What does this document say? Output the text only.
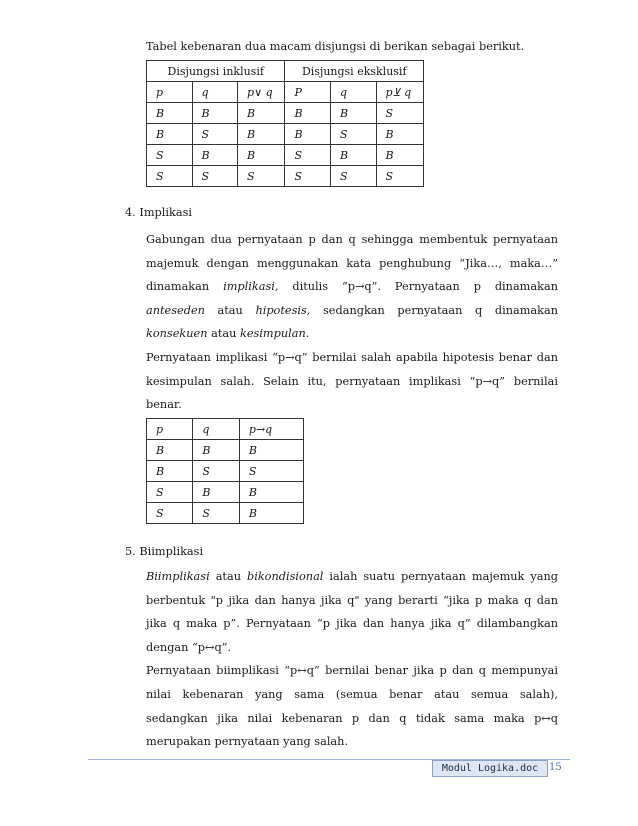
Tabel kebenaran dua macam disjungsi di berikan sebagai berikut.
Disjungsi inklusif			Disjungsi eksklusif		
p	q	p∨ q	P	q	p⊻ q
B	B	B	B	B	S
B	S	B	B	S	B
S	B	B	S	B	B
S	S	S	S	S	S
4. Implikasi
Gabungan dua pernyataan p dan q sehingga membentuk pernyataan
majemuk dengan menggunakan kata penghubung “Jika…, maka…”
dinamakan implikasi, ditulis “p→q”. Pernyataan p dinamakan
anteseden atau hipotesis, sedangkan pernyataan q dinamakan
konsekuen atau kesimpulan.
Pernyataan implikasi “p→q” bernilai salah apabila hipotesis benar dan
kesimpulan salah. Selain itu, pernyataan implikasi “p→q” bernilai
benar.
p	q	p→q
B	B	B
B	S	S
S	B	B
S	S	B
5. Biimplikasi
Biimplikasi atau bikondisional ialah suatu pernyataan majemuk yang
berbentuk "p jika dan hanya jika q" yang berarti “jika p maka q dan
jika q maka p”. Pernyataan “p jika dan hanya jika q” dilambangkan
dengan “p↔q”.
Pernyataan biimplikasi “p↔q” bernilai benar jika p dan q mempunyai
nilai kebenaran yang sama (semua benar atau semua salah),
sedangkan jika nilai kebenaran p dan q tidak sama maka p↔q
merupakan pernyataan yang salah.
Modul Logika.doc	15
